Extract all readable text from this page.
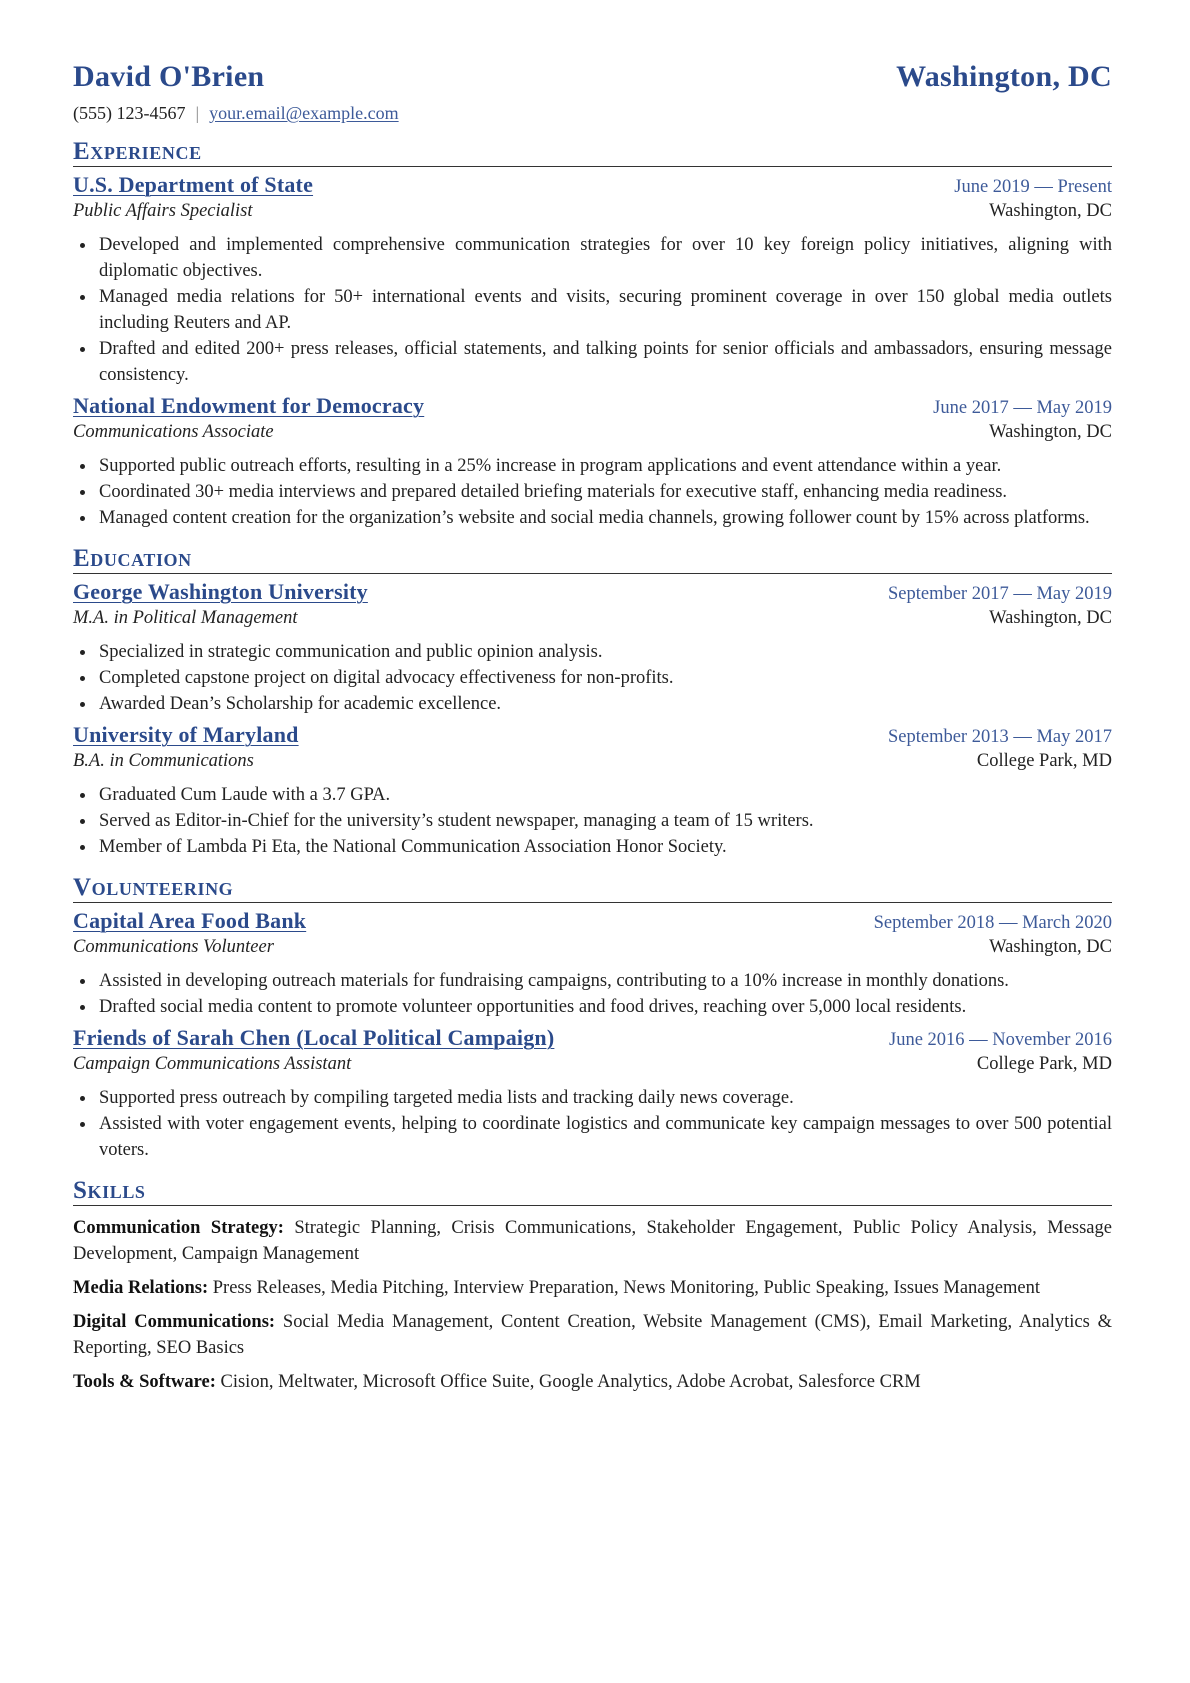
David O'Brien	Washington, DC
(555) 123-4567 | your.email@example.com
Experience
U.S. Department of State	June 2019 — Present
Public Affairs Specialist	Washington, DC
Developed and implemented comprehensive communication strategies for over 10 key foreign policy initiatives, aligning with diplomatic objectives.
Managed media relations for 50+ international events and visits, securing prominent coverage in over 150 global media outlets including Reuters and AP.
Drafted and edited 200+ press releases, official statements, and talking points for senior officials and ambassadors, ensuring message consistency.
National Endowment for Democracy	June 2017 — May 2019
Communications Associate	Washington, DC
Supported public outreach efforts, resulting in a 25% increase in program applications and event attendance within a year.
Coordinated 30+ media interviews and prepared detailed briefing materials for executive staff, enhancing media readiness.
Managed content creation for the organization’s website and social media channels, growing follower count by 15% across platforms.
Education
George Washington University	September 2017 — May 2019
M.A. in Political Management	Washington, DC
Specialized in strategic communication and public opinion analysis.
Completed capstone project on digital advocacy effectiveness for non-profits.
Awarded Dean’s Scholarship for academic excellence.
University of Maryland	September 2013 — May 2017
B.A. in Communications	College Park, MD
Graduated Cum Laude with a 3.7 GPA.
Served as Editor-in-Chief for the university’s student newspaper, managing a team of 15 writers.
Member of Lambda Pi Eta, the National Communication Association Honor Society.
Volunteering
Capital Area Food Bank	September 2018 — March 2020
Communications Volunteer	Washington, DC
Assisted in developing outreach materials for fundraising campaigns, contributing to a 10% increase in monthly donations.
Drafted social media content to promote volunteer opportunities and food drives, reaching over 5,000 local residents.
Friends of Sarah Chen (Local Political Campaign)	June 2016 — November 2016
Campaign Communications Assistant	College Park, MD
Supported press outreach by compiling targeted media lists and tracking daily news coverage.
Assisted with voter engagement events, helping to coordinate logistics and communicate key campaign messages to over 500 potential voters.
Skills
Communication Strategy: Strategic Planning, Crisis Communications, Stakeholder Engagement, Public Policy Analysis, Message Development, Campaign Management
Media Relations: Press Releases, Media Pitching, Interview Preparation, News Monitoring, Public Speaking, Issues Management
Digital Communications: Social Media Management, Content Creation, Website Management (CMS), Email Marketing, Analytics & Reporting, SEO Basics
Tools & Software: Cision, Meltwater, Microsoft Office Suite, Google Analytics, Adobe Acrobat, Salesforce CRM
